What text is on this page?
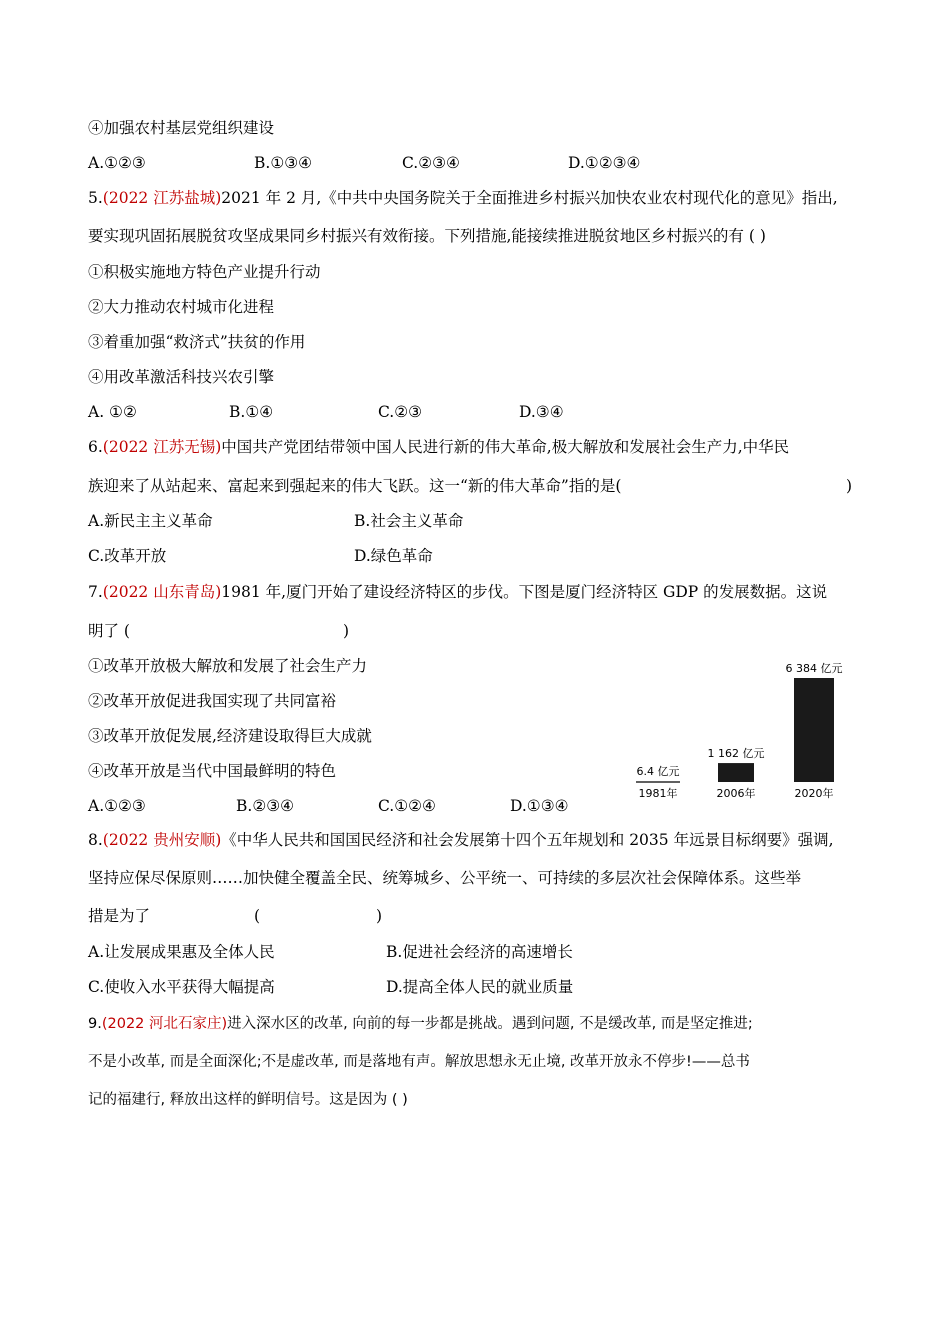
④加强农村基层党组织建设
A.①②③	B.①③④	C.②③④	D.①②③④
5.(2022 江苏盐城)2021 年 2 月,《中共中央国务院关于全面推进乡村振兴加快农业农村现代化的意见》指出,
要实现巩固拓展脱贫攻坚成果同乡村振兴有效衔接。下列措施,能接续推进脱贫地区乡村振兴的有 ( )
①积极实施地方特色产业提升行动
②大力推动农村城市化进程
③着重加强“救济式”扶贫的作用
④用改革激活科技兴农引擎
A. ①②	B.①④	C.②③	D.③④
6.(2022 江苏无锡)中国共产党团结带领中国人民进行新的伟大革命,极大解放和发展社会生产力,中华民
族迎来了从站起来、富起来到强起来的伟大飞跃。这一“新的伟大革命”指的是(	)
A.新民主主义革命	B.社会主义革命
C.改革开放	D.绿色革命
7.(2022 山东青岛)1981 年,厦门开始了建设经济特区的步伐。下图是厦门经济特区 GDP 的发展数据。这说
明了 (	)
①改革开放极大解放和发展了社会生产力
②改革开放促进我国实现了共同富裕
③改革开放促发展,经济建设取得巨大成就
④改革开放是当代中国最鲜明的特色
A.①②③	B.②③④	C.①②④	D.①③④
6.4 亿元
1981年
1 162 亿元
2006年
6 384 亿元
2020年
8.(2022 贵州安顺)《中华人民共和国国民经济和社会发展第十四个五年规划和 2035 年远景目标纲要》强调,
坚持应保尽保原则……加快健全覆盖全民、统筹城乡、公平统一、可持续的多层次社会保障体系。这些举
措是为了	(	)
A.让发展成果惠及全体人民	B.促进社会经济的高速增长
C.使收入水平获得大幅提高	D.提高全体人民的就业质量
9.(2022 河北石家庄)进入深水区的改革, 向前的每一步都是挑战。遇到问题, 不是缓改革, 而是坚定推进;
不是小改革, 而是全面深化;不是虚改革, 而是落地有声。解放思想永无止境, 改革开放永不停步!——总书
记的福建行, 释放出这样的鲜明信号。这是因为 ( )
